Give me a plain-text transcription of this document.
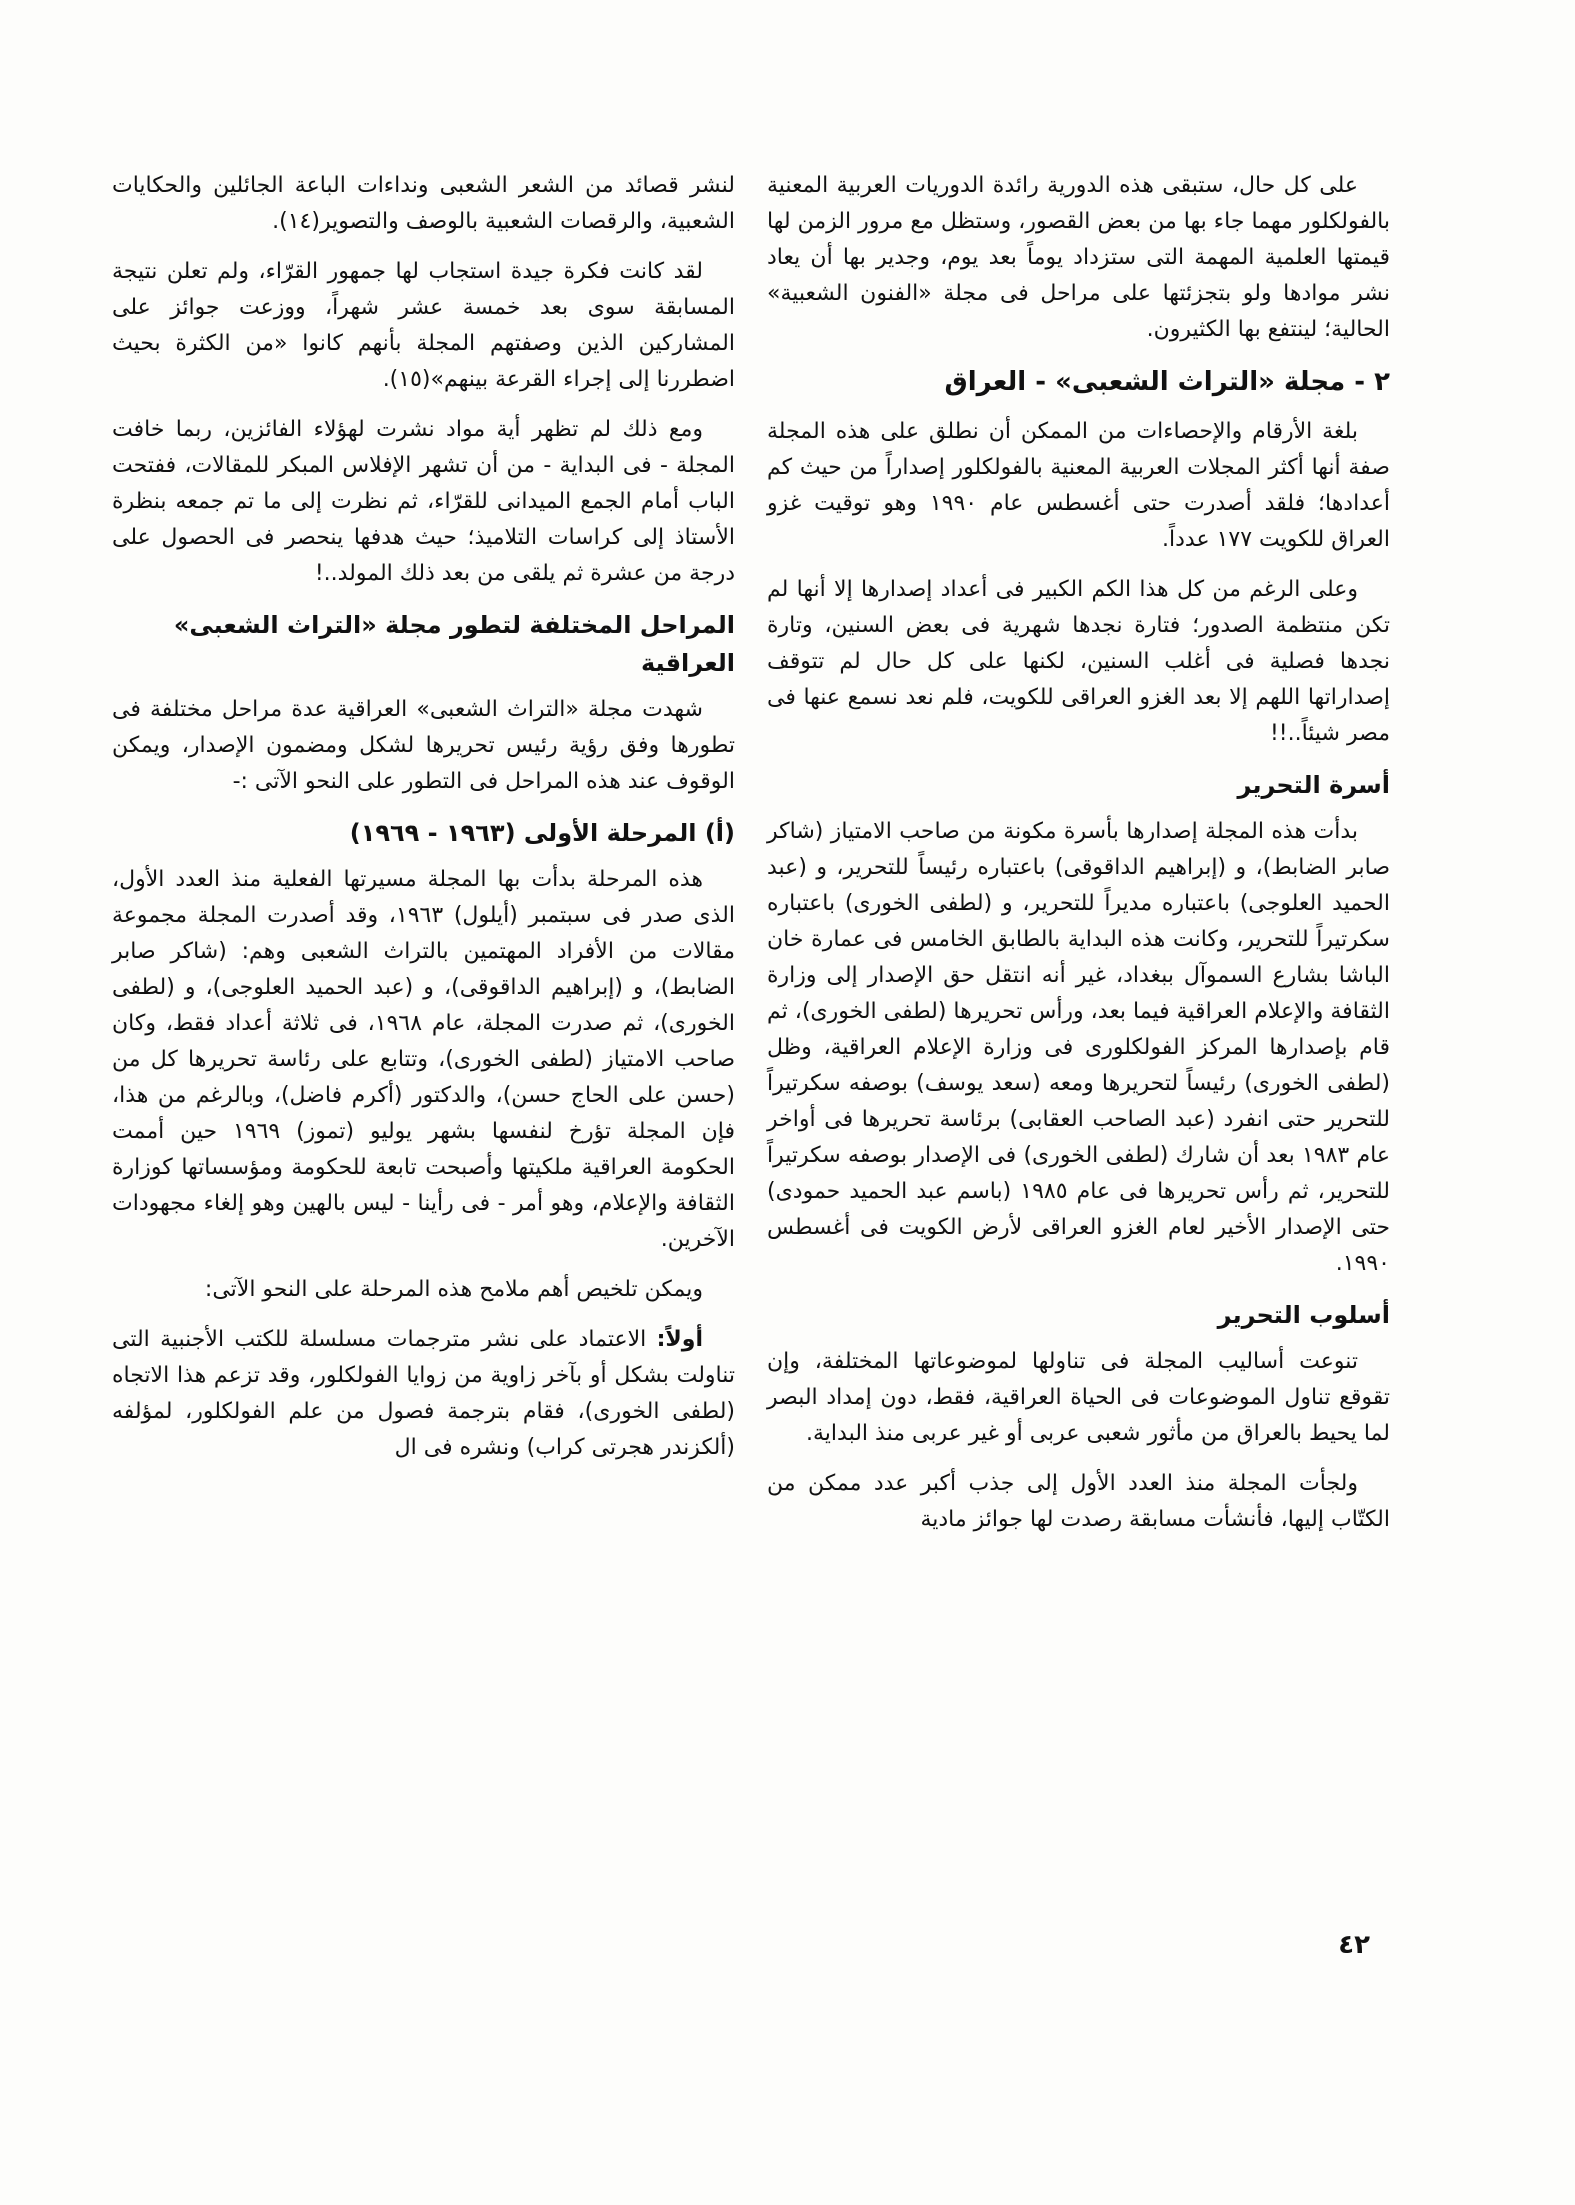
على كل حال، ستبقى هذه الدورية رائدة الدوريات العربية المعنية بالفولكلور مهما جاء بها من بعض القصور، وستظل مع مرور الزمن لها قيمتها العلمية المهمة التى ستزداد يوماً بعد يوم، وجدير بها أن يعاد نشر موادها ولو بتجزئتها على مراحل فى مجلة «الفنون الشعبية» الحالية؛ لينتفع بها الكثيرون.

٢ - مجلة «التراث الشعبى» - العراق

بلغة الأرقام والإحصاءات من الممكن أن نطلق على هذه المجلة صفة أنها أكثر المجلات العربية المعنية بالفولكلور إصداراً من حيث كم أعدادها؛ فلقد أصدرت حتى أغسطس عام ١٩٩٠ وهو توقيت غزو العراق للكويت ١٧٧ عدداً.

وعلى الرغم من كل هذا الكم الكبير فى أعداد إصدارها إلا أنها لم تكن منتظمة الصدور؛ فتارة نجدها شهرية فى بعض السنين، وتارة نجدها فصلية فى أغلب السنين، لكنها على كل حال لم تتوقف إصداراتها اللهم إلا بعد الغزو العراقى للكويت، فلم نعد نسمع عنها فى مصر شيئاً..!!

أسرة التحرير

بدأت هذه المجلة إصدارها بأسرة مكونة من صاحب الامتياز (شاكر صابر الضابط)، و (إبراهيم الداقوقى) باعتباره رئيساً للتحرير، و (عبد الحميد العلوجى) باعتباره مديراً للتحرير، و (لطفى الخورى) باعتباره سكرتيراً للتحرير، وكانت هذه البداية بالطابق الخامس فى عمارة خان الباشا بشارع السموآل ببغداد، غير أنه انتقل حق الإصدار إلى وزارة الثقافة والإعلام العراقية فيما بعد، ورأس تحريرها (لطفى الخورى)، ثم قام بإصدارها المركز الفولكلورى فى وزارة الإعلام العراقية، وظل (لطفى الخورى) رئيساً لتحريرها ومعه (سعد يوسف) بوصفه سكرتيراً للتحرير حتى انفرد (عبد الصاحب العقابى) برئاسة تحريرها فى أواخر عام ١٩٨٣ بعد أن شارك (لطفى الخورى) فى الإصدار بوصفه سكرتيراً للتحرير، ثم رأس تحريرها فى عام ١٩٨٥ (باسم عبد الحميد حمودى) حتى الإصدار الأخير لعام الغزو العراقى لأرض الكويت فى أغسطس ١٩٩٠.

أسلوب التحرير

تنوعت أساليب المجلة فى تناولها لموضوعاتها المختلفة، وإن تقوقع تناول الموضوعات فى الحياة العراقية، فقط، دون إمداد البصر لما يحيط بالعراق من مأثور شعبى عربى أو غير عربى منذ البداية.

ولجأت المجلة منذ العدد الأول إلى جذب أكبر عدد ممكن من الكتّاب إليها، فأنشأت مسابقة رصدت لها جوائز مادية

لنشر قصائد من الشعر الشعبى ونداءات الباعة الجائلين والحكايات الشعبية، والرقصات الشعبية بالوصف والتصوير(١٤).

لقد كانت فكرة جيدة استجاب لها جمهور القرّاء، ولم تعلن نتيجة المسابقة سوى بعد خمسة عشر شهراً، ووزعت جوائز على المشاركين الذين وصفتهم المجلة بأنهم كانوا «من الكثرة بحيث اضطررنا إلى إجراء القرعة بينهم»(١٥).

ومع ذلك لم تظهر أية مواد نشرت لهؤلاء الفائزين، ربما خافت المجلة - فى البداية - من أن تشهر الإفلاس المبكر للمقالات، ففتحت الباب أمام الجمع الميدانى للقرّاء، ثم نظرت إلى ما تم جمعه بنظرة الأستاذ إلى كراسات التلاميذ؛ حيث هدفها ينحصر فى الحصول على درجة من عشرة ثم يلقى من بعد ذلك المولد..!

المراحل المختلفة لتطور مجلة «التراث الشعبى» العراقية

شهدت مجلة «التراث الشعبى» العراقية عدة مراحل مختلفة فى تطورها وفق رؤية رئيس تحريرها لشكل ومضمون الإصدار، ويمكن الوقوف عند هذه المراحل فى التطور على النحو الآتى :-

(أ) المرحلة الأولى (١٩٦٣ - ١٩٦٩)

هذه المرحلة بدأت بها المجلة مسيرتها الفعلية منذ العدد الأول، الذى صدر فى سبتمبر (أيلول) ١٩٦٣، وقد أصدرت المجلة مجموعة مقالات من الأفراد المهتمين بالتراث الشعبى وهم: (شاكر صابر الضابط)، و (إبراهيم الداقوقى)، و (عبد الحميد العلوجى)، و (لطفى الخورى)، ثم صدرت المجلة، عام ١٩٦٨، فى ثلاثة أعداد فقط، وكان صاحب الامتياز (لطفى الخورى)، وتتابع على رئاسة تحريرها كل من (حسن على الحاج حسن)، والدكتور (أكرم فاضل)، وبالرغم من هذا، فإن المجلة تؤرخ لنفسها بشهر يوليو (تموز) ١٩٦٩ حين أممت الحكومة العراقية ملكيتها وأصبحت تابعة للحكومة ومؤسساتها كوزارة الثقافة والإعلام، وهو أمر - فى رأينا - ليس بالهين وهو إلغاء مجهودات الآخرين.

ويمكن تلخيص أهم ملامح هذه المرحلة على النحو الآتى:

أولاً: الاعتماد على نشر مترجمات مسلسلة للكتب الأجنبية التى تناولت بشكل أو بآخر زاوية من زوايا الفولكلور، وقد تزعم هذا الاتجاه (لطفى الخورى)، فقام بترجمة فصول من علم الفولكلور، لمؤلفه (ألكزندر هجرتى كراب) ونشره فى ال

٤٢
